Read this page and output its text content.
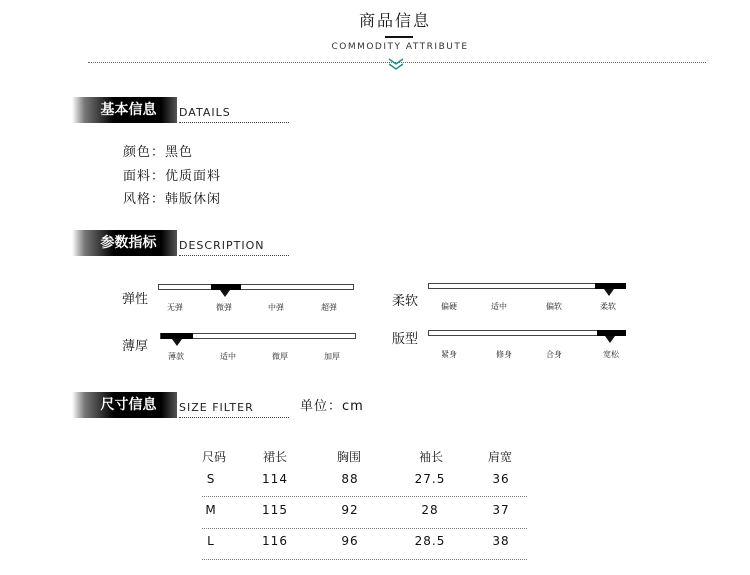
商品信息
COMMODITY ATTRIBUTE
基本信息	DATAILS
颜色：黑色
面料：优质面料
风格：韩版休闲
参数指标	DESCRIPTION
弹性
无弹	微弹	中弹	超弹	柔软	偏硬	适中	偏软	柔软
薄厚
薄款	适中	微厚	加厚
版型
紧身	修身	合身	宽松
尺寸信息	SIZE FILTER	单位：cm
尺码	裙长	胸围	袖长	肩宽
S	114	88	27.5	36
M	115	92	28	37
L	116	96	28.5	38
